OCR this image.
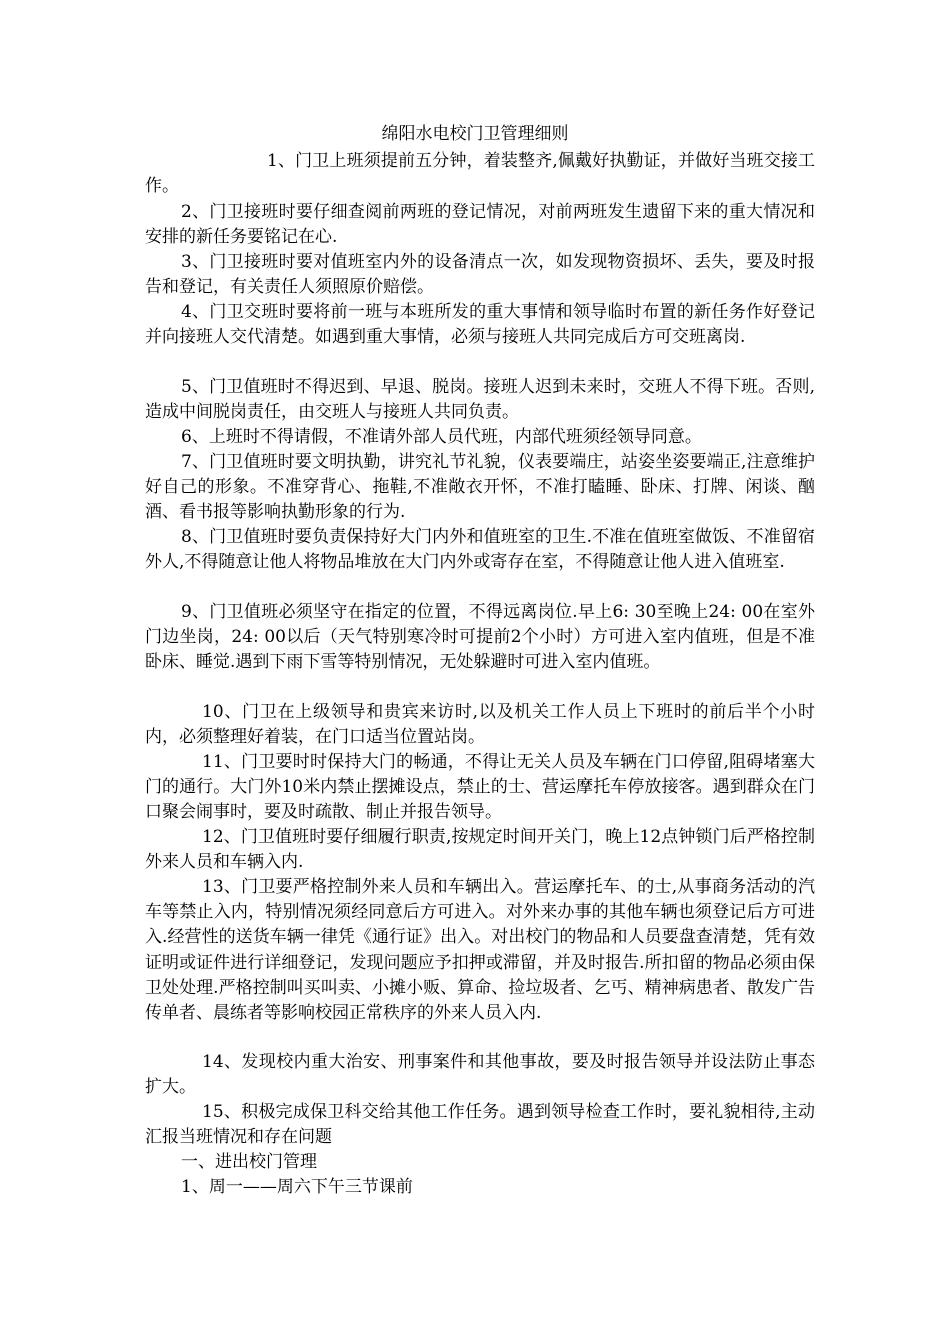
绵阳水电校门卫管理细则

1、门卫上班须提前五分钟，着装整齐,佩戴好执勤证，并做好当班交接工作。

2、门卫接班时要仔细查阅前两班的登记情况，对前两班发生遗留下来的重大情况和安排的新任务要铭记在心.

3、门卫接班时要对值班室内外的设备清点一次，如发现物资损坏、丢失，要及时报告和登记，有关责任人须照原价赔偿。

4、门卫交班时要将前一班与本班所发的重大事情和领导临时布置的新任务作好登记并向接班人交代清楚。如遇到重大事情，必须与接班人共同完成后方可交班离岗.

5、门卫值班时不得迟到、早退、脱岗。接班人迟到未来时，交班人不得下班。否则,造成中间脱岗责任，由交班人与接班人共同负责。

6、上班时不得请假，不准请外部人员代班，内部代班须经领导同意。

7、门卫值班时要文明执勤，讲究礼节礼貌，仪表要端庄，站姿坐姿要端正,注意维护好自己的形象。不准穿背心、拖鞋,不准敞衣开怀，不准打瞌睡、卧床、打牌、闲谈、酗酒、看书报等影响执勤形象的行为.

8、门卫值班时要负责保持好大门内外和值班室的卫生.不准在值班室做饭、不准留宿外人,不得随意让他人将物品堆放在大门内外或寄存在室，不得随意让他人进入值班室.

9、门卫值班必须坚守在指定的位置，不得远离岗位.早上6: 30至晚上24: 00在室外门边坐岗，24: 00以后（天气特别寒冷时可提前2个小时）方可进入室内值班，但是不准卧床、睡觉.遇到下雨下雪等特别情况，无处躲避时可进入室内值班。

10、门卫在上级领导和贵宾来访时,以及机关工作人员上下班时的前后半个小时内，必须整理好着装，在门口适当位置站岗。

11、门卫要时时保持大门的畅通，不得让无关人员及车辆在门口停留,阻碍堵塞大门的通行。大门外10米内禁止摆摊设点，禁止的士、营运摩托车停放接客。遇到群众在门口聚会闹事时，要及时疏散、制止并报告领导。

12、门卫值班时要仔细履行职责,按规定时间开关门，晚上12点钟锁门后严格控制外来人员和车辆入内.

13、门卫要严格控制外来人员和车辆出入。营运摩托车、的士,从事商务活动的汽车等禁止入内，特别情况须经同意后方可进入。对外来办事的其他车辆也须登记后方可进入.经营性的送货车辆一律凭《通行证》出入。对出校门的物品和人员要盘查清楚，凭有效证明或证件进行详细登记，发现问题应予扣押或滞留，并及时报告.所扣留的物品必须由保卫处处理.严格控制叫买叫卖、小摊小贩、算命、捡垃圾者、乞丐、精神病患者、散发广告传单者、晨练者等影响校园正常秩序的外来人员入内.

14、发现校内重大治安、刑事案件和其他事故，要及时报告领导并设法防止事态扩大。

15、积极完成保卫科交给其他工作任务。遇到领导检查工作时，要礼貌相待,主动汇报当班情况和存在问题

一、进出校门管理

1、周一——周六下午三节课前
